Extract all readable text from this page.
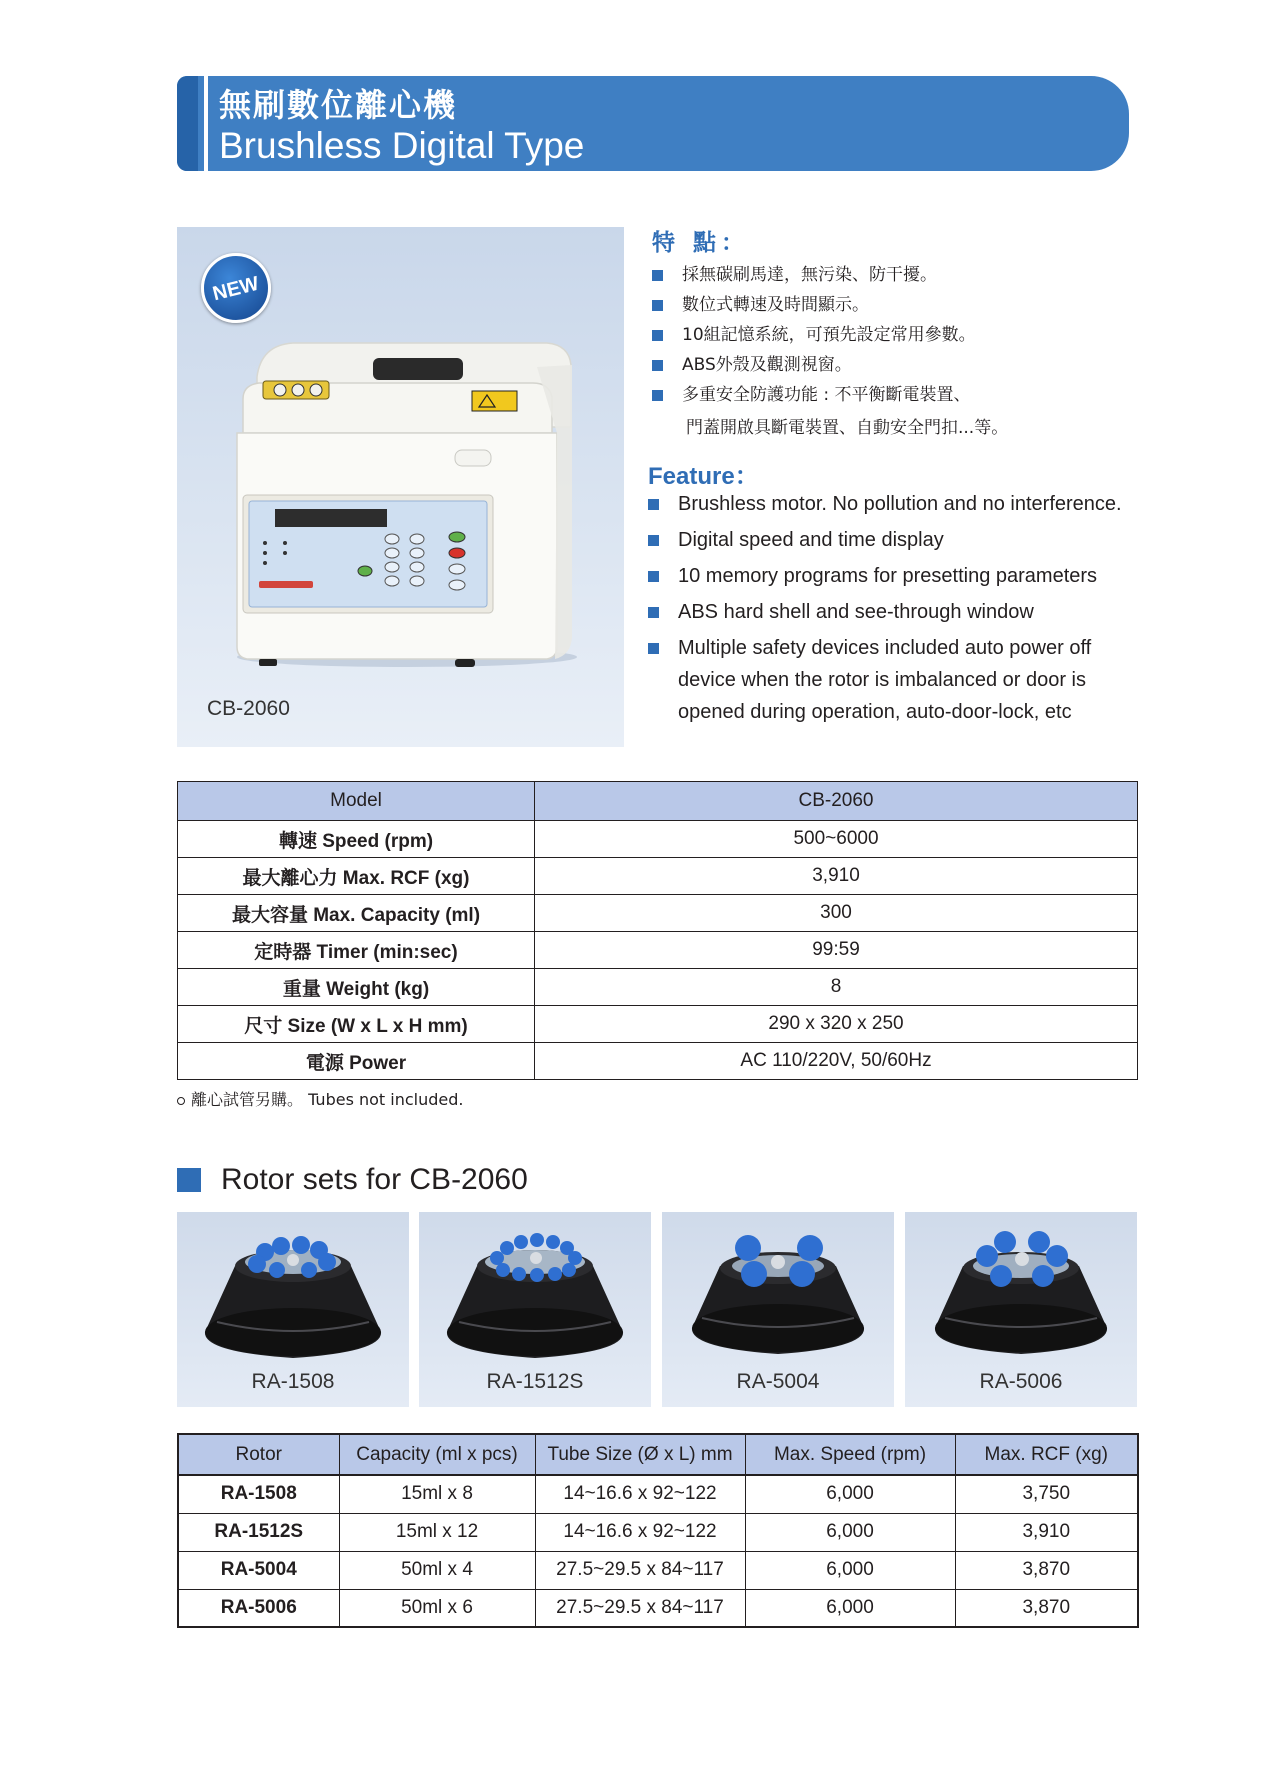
無刷數位離心機
Brushless Digital Type
NEW
CB-2060
特 點：
採無碳刷馬達，無污染、防干擾。
數位式轉速及時間顯示。
10組記憶系統，可預先設定常用參數。
ABS外殼及觀測視窗。
多重安全防護功能 : 不平衡斷電裝置、
門蓋開啟具斷電裝置、自動安全門扣...等。
Feature：
Brushless motor. No pollution and no interference.
Digital speed and time display
10 memory programs for presetting parameters
ABS hard shell and see-through window
Multiple safety devices included auto power off device when the rotor is imbalanced or door is opened during operation, auto-door-lock, etc
Model	CB-2060
轉速 Speed (rpm)	500~6000
最大離心力 Max. RCF (xg)	3,910
最大容量 Max. Capacity (ml)	300
定時器 Timer (min:sec)	99:59
重量 Weight (kg)	8
尺寸 Size (W x L x H mm)	290 x 320 x 250
電源 Power	AC 110/220V, 50/60Hz
離心試管另購。 Tubes not included.
Rotor sets for CB-2060
RA-1508	RA-1512S	RA-5004	RA-5006
Rotor	Capacity (ml x pcs)	Tube Size (Ø x L) mm	Max. Speed (rpm)	Max. RCF (xg)
RA-1508	15ml x 8	14~16.6 x 92~122	6,000	3,750
RA-1512S	15ml x 12	14~16.6 x 92~122	6,000	3,910
RA-5004	50ml x 4	27.5~29.5 x 84~117	6,000	3,870
RA-5006	50ml x 6	27.5~29.5 x 84~117	6,000	3,870
